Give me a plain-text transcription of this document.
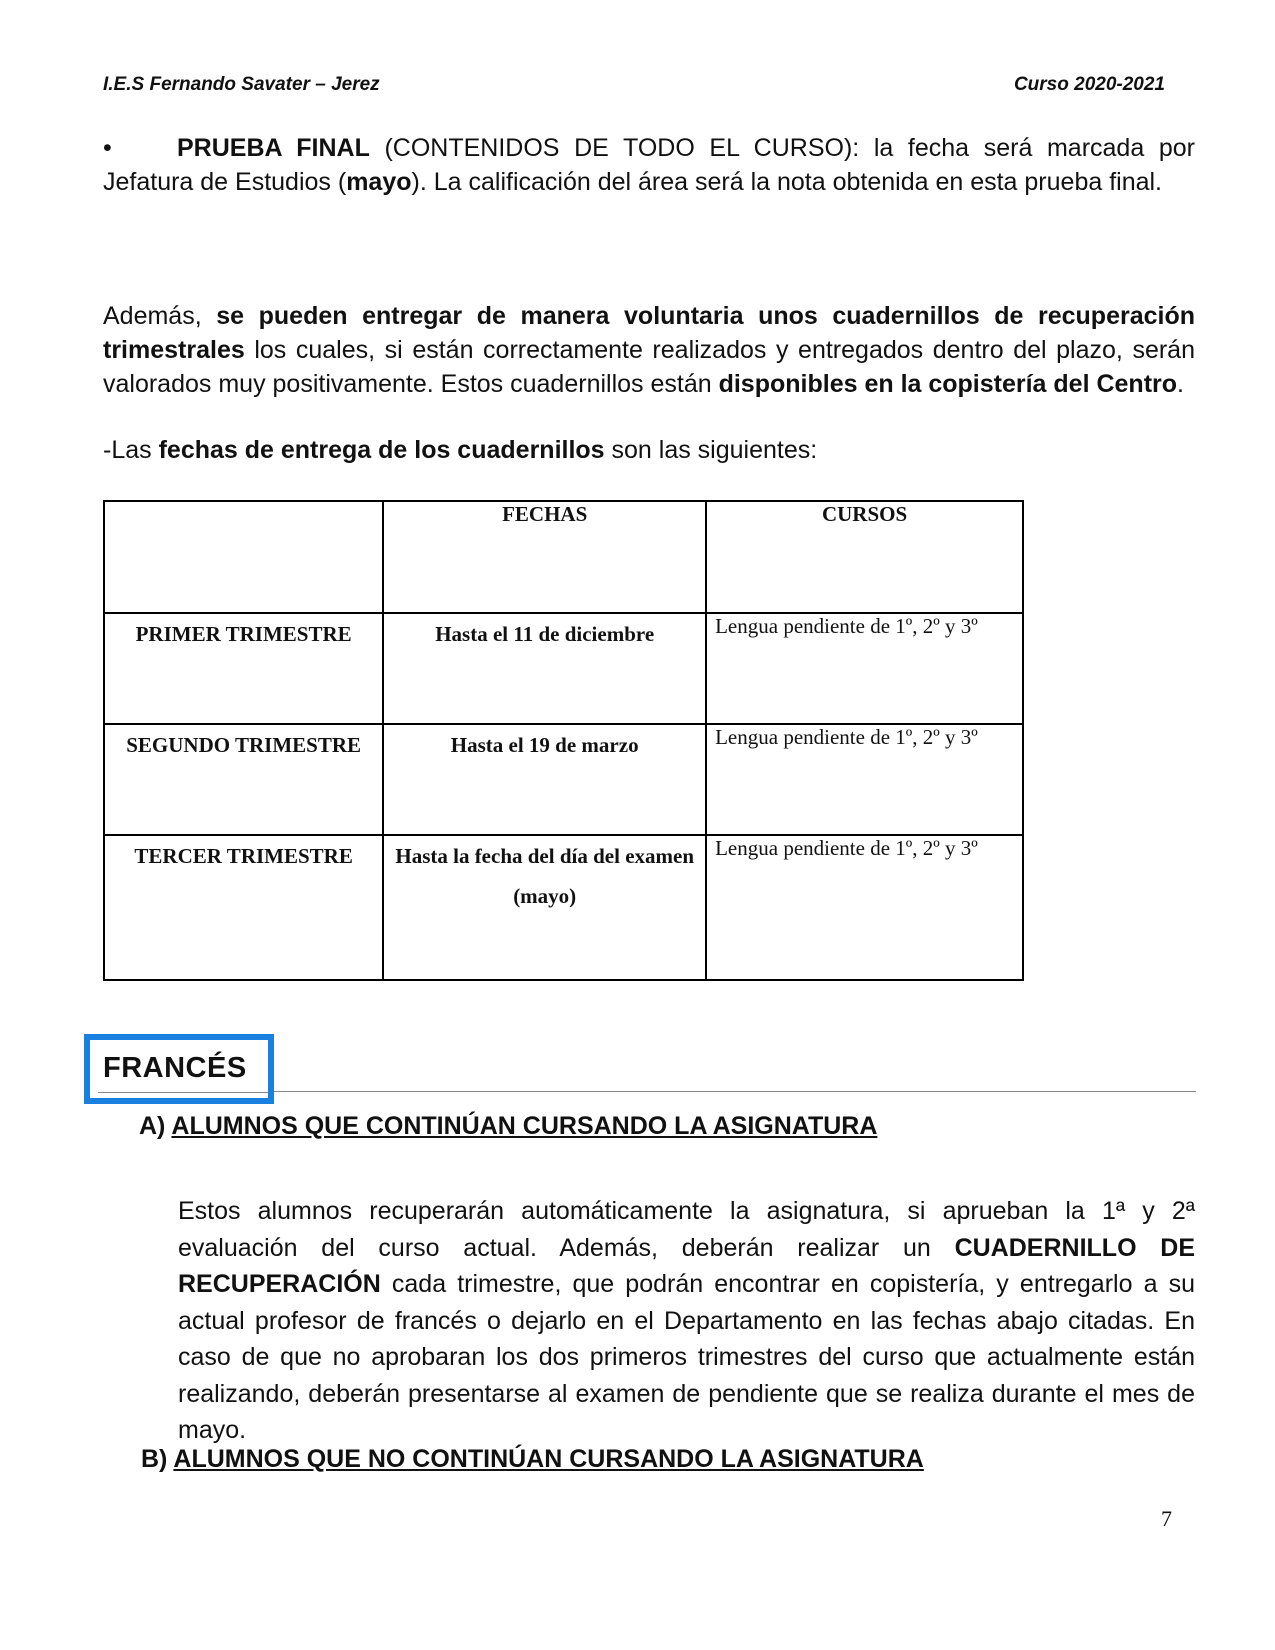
I.E.S Fernando Savater – Jerez	Curso 2020-2021
•	PRUEBA FINAL (CONTENIDOS DE TODO EL CURSO): la fecha será marcada por Jefatura de Estudios (mayo). La calificación del área será la nota obtenida en esta prueba final.
Además, se pueden entregar de manera voluntaria unos cuadernillos de recuperación trimestrales los cuales, si están correctamente realizados y entregados dentro del plazo, serán valorados muy positivamente. Estos cuadernillos están disponibles en la copistería del Centro.
-Las fechas de entrega de los cuadernillos son las siguientes:
	FECHAS	CURSOS
PRIMER TRIMESTRE	Hasta el 11 de diciembre	Lengua pendiente de 1º, 2º y 3º
SEGUNDO TRIMESTRE	Hasta el 19 de marzo	Lengua pendiente de 1º, 2º y 3º
TERCER TRIMESTRE	Hasta la fecha del día del examen (mayo)	Lengua pendiente de 1º, 2º y 3º
FRANCÉS
A) ALUMNOS QUE CONTINÚAN CURSANDO LA ASIGNATURA
Estos alumnos recuperarán automáticamente la asignatura, si aprueban la 1ª y 2ª evaluación del curso actual. Además, deberán realizar un CUADERNILLO DE RECUPERACIÓN cada trimestre, que podrán encontrar en copistería, y entregarlo a su actual profesor de francés o dejarlo en el Departamento en las fechas abajo citadas. En caso de que no aprobaran los dos primeros trimestres del curso que actualmente están realizando, deberán presentarse al examen de pendiente que se realiza durante el mes de mayo.
B) ALUMNOS QUE NO CONTINÚAN CURSANDO LA ASIGNATURA
7
